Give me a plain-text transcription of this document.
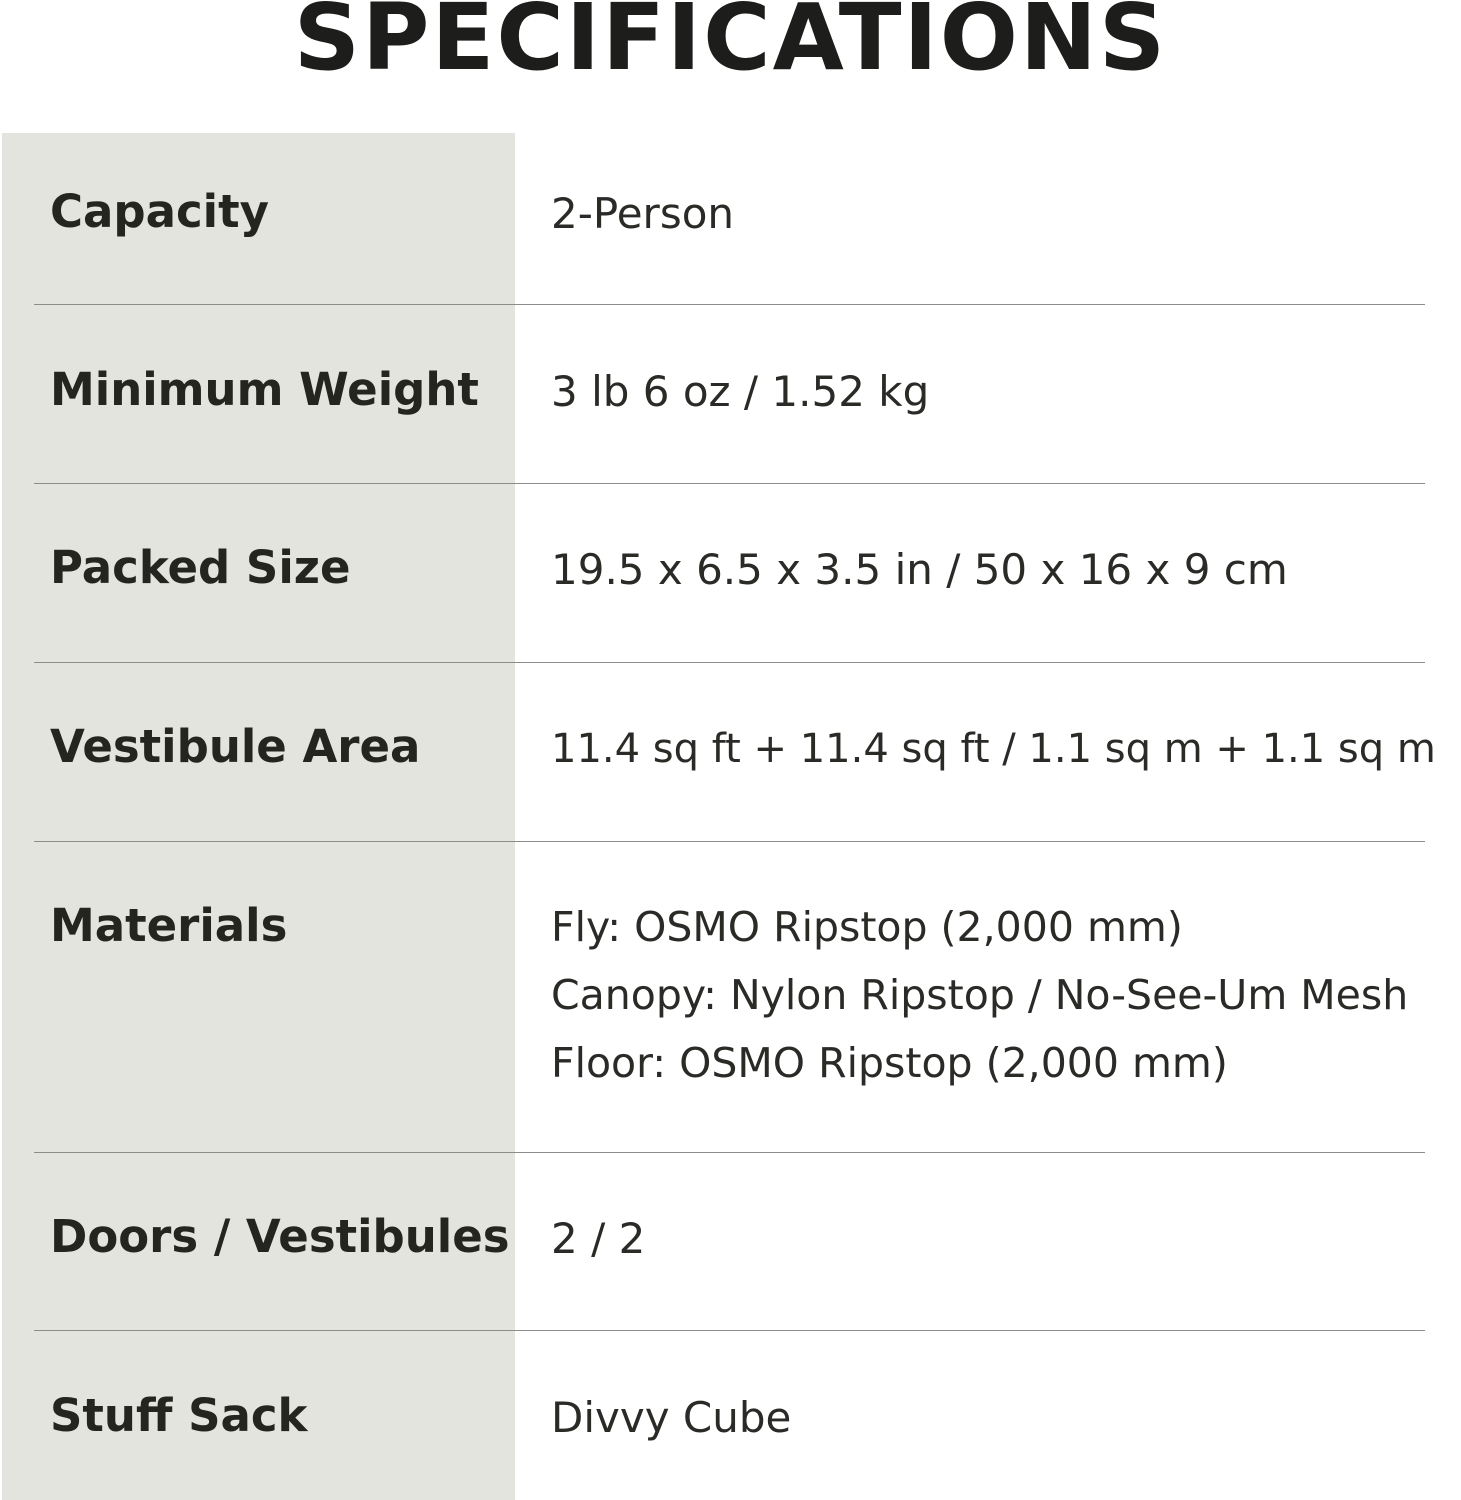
SPECIFICATIONS
Capacity	2-Person
Minimum Weight 3 lb 6 oz / 1.52 kg
Packed Size	19.5 x 6.5 x 3.5 in / 50 x 16 x 9 cm
Vestibule Area	11.4 sq ft + 11.4 sq ft / 1.1 sq m + 1.1 sq m
Materials	Fly: OSMO Ripstop (2,000 mm)
Canopy: Nylon Ripstop / No-See-Um Mesh
Floor: OSMO Ripstop (2,000 mm)
Doors / Vestibules 2 / 2
Stuff Sack	Divvy Cube
